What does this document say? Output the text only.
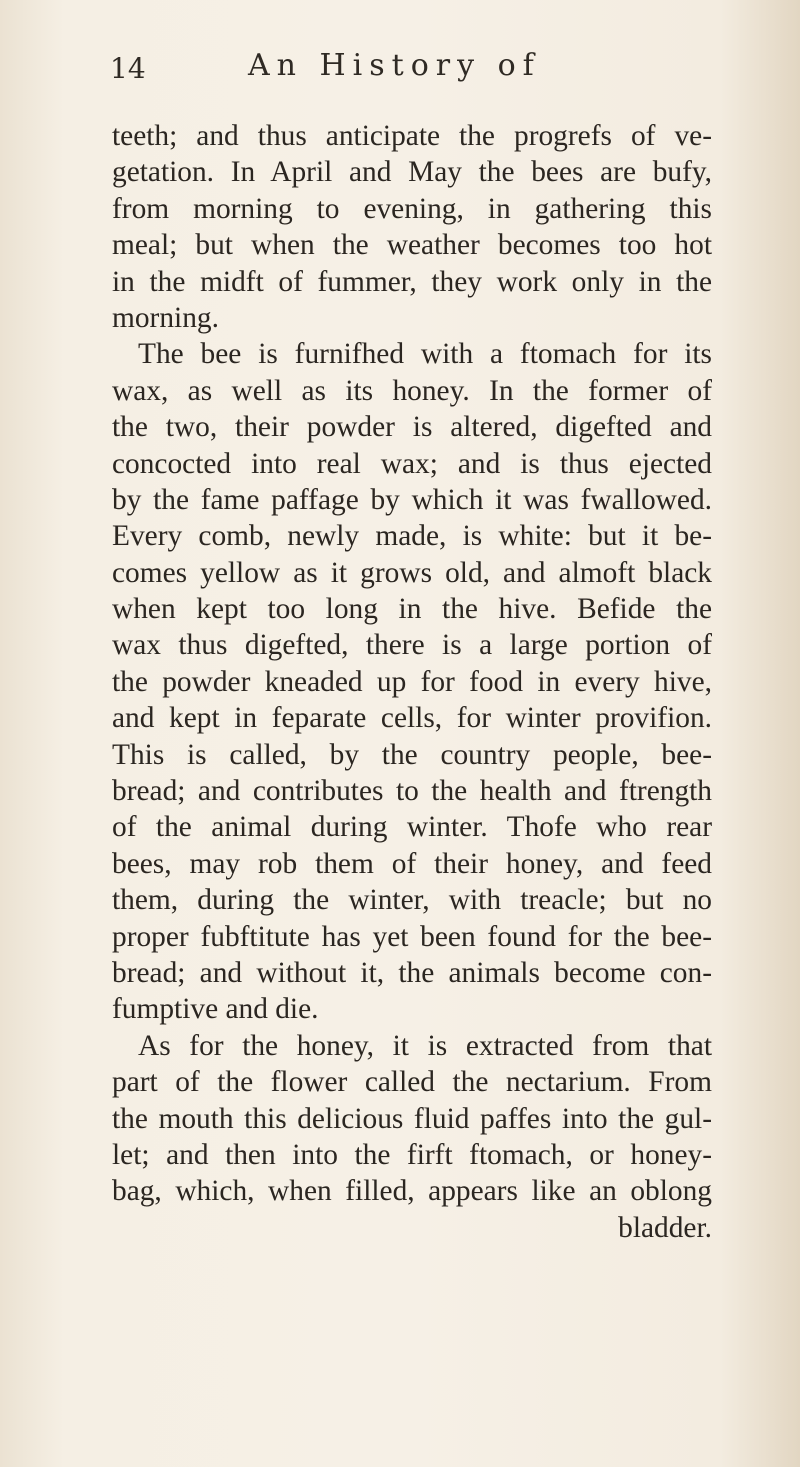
14	An History of
teeth; and thus anticipate the progrefs of ve-
getation. In April and May the bees are bufy,
from morning to evening, in gathering this
meal; but when the weather becomes too hot
in the midft of fummer, they work only in the
morning.
The bee is furnifhed with a ftomach for its
wax, as well as its honey. In the former of
the two, their powder is altered, digefted and
concocted into real wax; and is thus ejected
by the fame paffage by which it was fwallowed.
Every comb, newly made, is white: but it be-
comes yellow as it grows old, and almoft black
when kept too long in the hive. Befide the
wax thus digefted, there is a large portion of
the powder kneaded up for food in every hive,
and kept in feparate cells, for winter provifion.
This is called, by the country people, bee-
bread; and contributes to the health and ftrength
of the animal during winter. Thofe who rear
bees, may rob them of their honey, and feed
them, during the winter, with treacle; but no
proper fubftitute has yet been found for the bee-
bread; and without it, the animals become con-
fumptive and die.
As for the honey, it is extracted from that
part of the flower called the nectarium. From
the mouth this delicious fluid paffes into the gul-
let; and then into the firft ftomach, or honey-
bag, which, when filled, appears like an oblong
bladder.
